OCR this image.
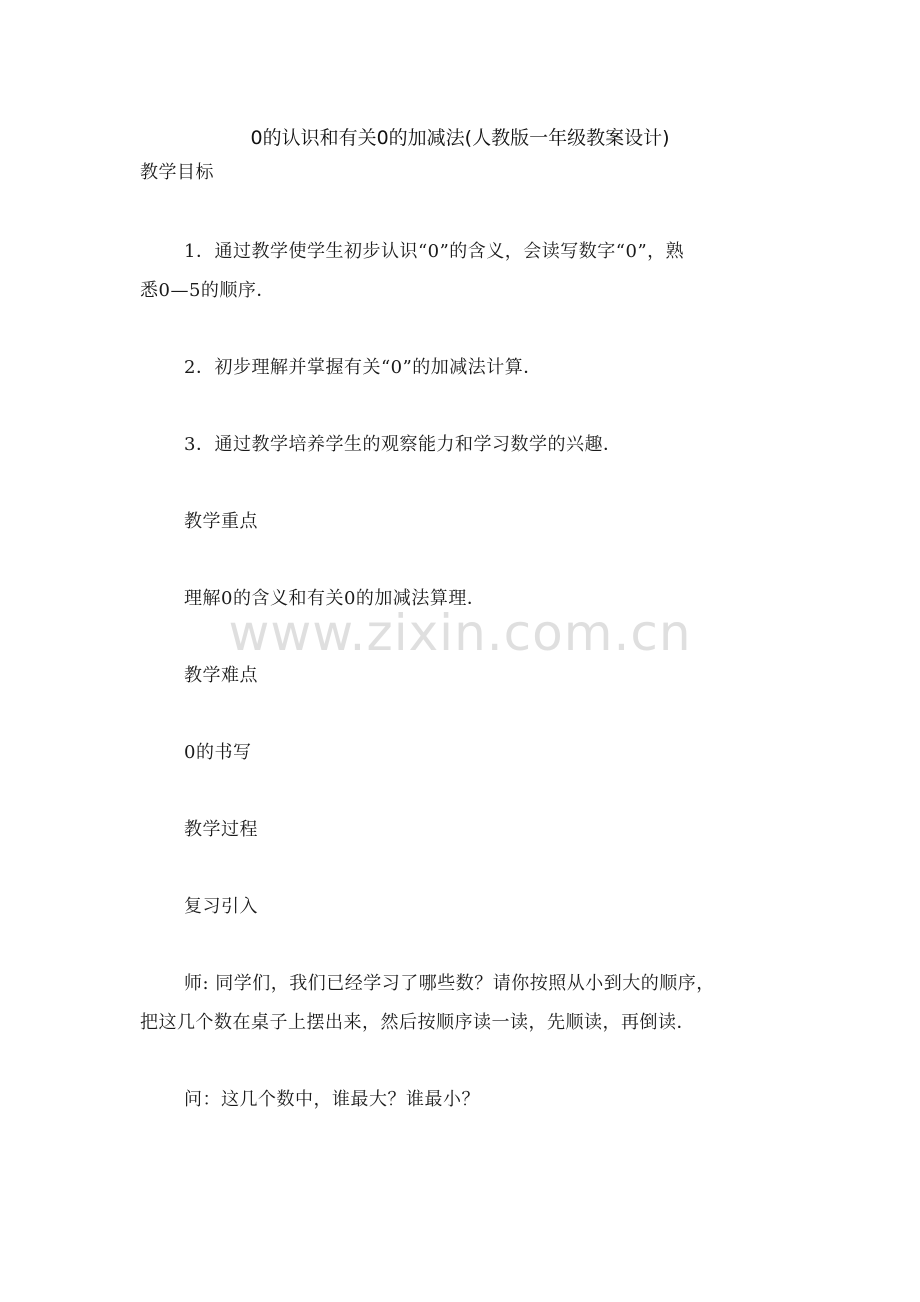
0的认识和有关0的加减法(人教版一年级教案设计)
教学目标
1．通过教学使学生初步认识“0”的含义，会读写数字“0”，熟
悉0—5的顺序．
2．初步理解并掌握有关“0”的加减法计算．
3．通过教学培养学生的观察能力和学习数学的兴趣．
教学重点
理解0的含义和有关0的加减法算理．
教学难点
0的书写
教学过程
复习引入
师: 同学们，我们已经学习了哪些数？请你按照从小到大的顺序，
把这几个数在桌子上摆出来，然后按顺序读一读，先顺读，再倒读．
问：这几个数中，谁最大？谁最小？
www.zixin.com.cn
